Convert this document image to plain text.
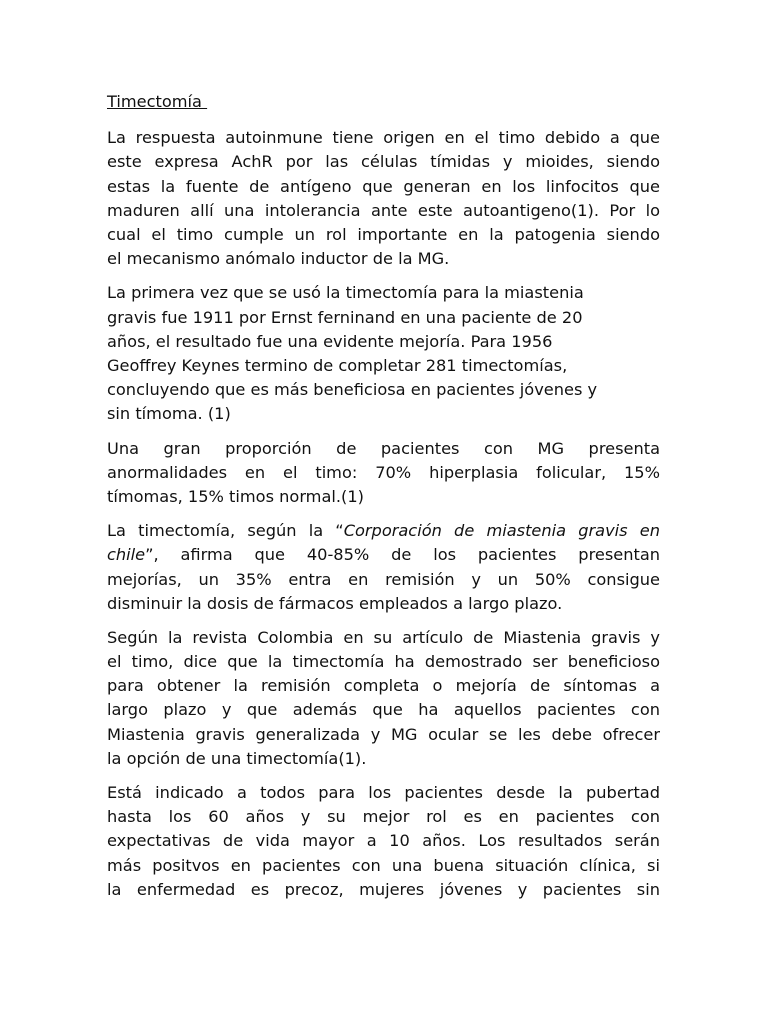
Timectomía
La respuesta autoinmune tiene origen en el timo debido a que
este expresa AchR por las células tímidas y mioides, siendo
estas la fuente de antígeno que generan en los linfocitos que
maduren allí una intolerancia ante este autoantigeno(1). Por lo
cual el timo cumple un rol importante en la patogenia siendo
el mecanismo anómalo inductor de la MG.
La primera vez que se usó la timectomía para la miastenia
gravis fue 1911 por Ernst ferninand en una paciente de 20
años, el resultado fue una evidente mejoría. Para 1956
Geoffrey Keynes termino de completar 281 timectomías,
concluyendo que es más beneficiosa en pacientes jóvenes y
sin tímoma. (1)
Una gran proporción de pacientes con MG presenta
anormalidades en el timo: 70% hiperplasia folicular, 15%
tímomas, 15% timos normal.(1)
La timectomía, según la “Corporación de miastenia gravis en
chile”, afirma que 40-85% de los pacientes presentan
mejorías, un 35% entra en remisión y un 50% consigue
disminuir la dosis de fármacos empleados a largo plazo.
Según la revista Colombia en su artículo de Miastenia gravis y
el timo, dice que la timectomía ha demostrado ser beneficioso
para obtener la remisión completa o mejoría de síntomas a
largo plazo y que además que ha aquellos pacientes con
Miastenia gravis generalizada y MG ocular se les debe ofrecer
la opción de una timectomía(1).
Está indicado a todos para los pacientes desde la pubertad
hasta los 60 años y su mejor rol es en pacientes con
expectativas de vida mayor a 10 años. Los resultados serán
más positvos en pacientes con una buena situación clínica, si
la enfermedad es precoz, mujeres jóvenes y pacientes sin
